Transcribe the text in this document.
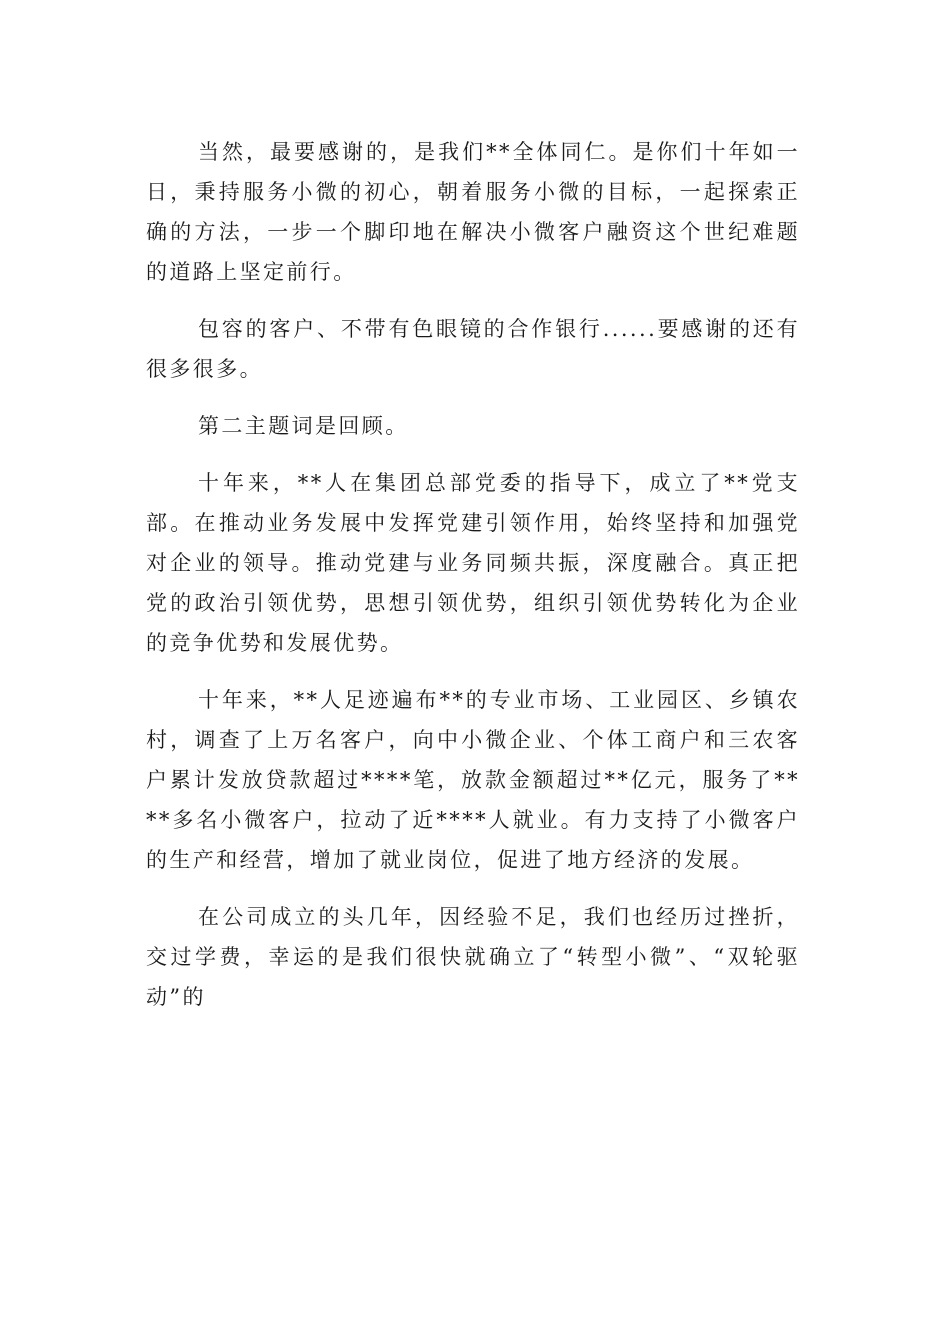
当然，最要感谢的，是我们**全体同仁。是你们十年如一日，秉持服务小微的初心，朝着服务小微的目标，一起探索正确的方法，一步一个脚印地在解决小微客户融资这个世纪难题的道路上坚定前行。

包容的客户、不带有色眼镜的合作银行......要感谢的还有很多很多。

第二主题词是回顾。

十年来，**人在集团总部党委的指导下，成立了**党支部。在推动业务发展中发挥党建引领作用，始终坚持和加强党对企业的领导。推动党建与业务同频共振，深度融合。真正把党的政治引领优势，思想引领优势，组织引领优势转化为企业的竞争优势和发展优势。

十年来，**人足迹遍布**的专业市场、工业园区、乡镇农村，调查了上万名客户，向中小微企业、个体工商户和三农客户累计发放贷款超过****笔，放款金额超过**亿元，服务了****多名小微客户，拉动了近****人就业。有力支持了小微客户的生产和经营，增加了就业岗位，促进了地方经济的发展。

在公司成立的头几年，因经验不足，我们也经历过挫折，交过学费，幸运的是我们很快就确立了“转型小微”、“双轮驱动”的
